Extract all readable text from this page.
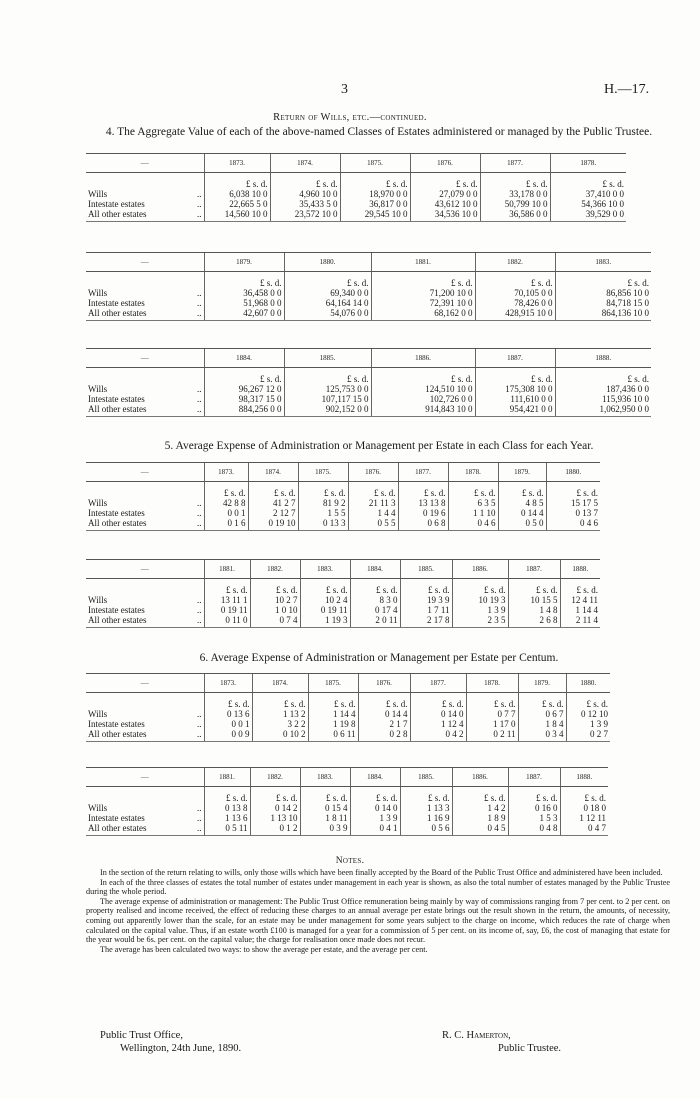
3	H.—17.
Return of Wills, etc.—continued.
4. The Aggregate Value of each of the above-named Classes of Estates administered or managed by the Public Trustee.
—	1873.	1874.	1875.	1876.	1877.	1878.
	£ s. d.	£ s. d.	£ s. d.	£ s. d.	£ s. d.	£ s. d.
Wills ..	6,038 10 0	4,960 10 0	18,970 0 0	27,079 0 0	33,178 0 0	37,410 0 0
Intestate estates ..	22,665 5 0	35,433 5 0	36,817 0 0	43,612 10 0	50,799 10 0	54,366 10 0
All other estates ..	14,560 10 0	23,572 10 0	29,545 10 0	34,536 10 0	36,586 0 0	39,529 0 0
—	1879.	1880.	1881.	1882.	1883.
	£ s. d.	£ s. d.	£ s. d.	£ s. d.	£ s. d.
Wills ..	36,458 0 0	69,340 0 0	71,200 10 0	70,105 0 0	86,856 10 0
Intestate estates ..	51,968 0 0	64,164 14 0	72,391 10 0	78,426 0 0	84,718 15 0
All other estates ..	42,607 0 0	54,076 0 0	68,162 0 0	428,915 10 0	864,136 10 0
—	1884.	1885.	1886.	1887.	1888.
	£ s. d.	£ s. d.	£ s. d.	£ s. d.	£ s. d.
Wills ..	96,267 12 0	125,753 0 0	124,510 10 0	175,308 10 0	187,436 0 0
Intestate estates ..	98,317 15 0	107,117 15 0	102,726 0 0	111,610 0 0	115,936 10 0
All other estates ..	884,256 0 0	902,152 0 0	914,843 10 0	954,421 0 0	1,062,950 0 0
5. Average Expense of Administration or Management per Estate in each Class for each Year.
—	1873.	1874.	1875.	1876.	1877.	1878.	1879.	1880.
	£ s. d.	£ s. d.	£ s. d.	£ s. d.	£ s. d.	£ s. d.	£ s. d.	£ s. d.
Wills ..	42 8 8	41 2 7	81 9 2	21 11 3	13 13 8	6 3 5	4 8 5	15 17 5
Intestate estates ..	0 0 1	2 12 7	1 5 5	1 4 4	0 19 6	1 1 10	0 14 4	0 13 7
All other estates ..	0 1 6	0 19 10	0 13 3	0 5 5	0 6 8	0 4 6	0 5 0	0 4 6
—	1881.	1882.	1883.	1884.	1885.	1886.	1887.	1888.
	£ s. d.	£ s. d.	£ s. d.	£ s. d.	£ s. d.	£ s. d.	£ s. d.	£ s. d.
Wills ..	13 11 1	10 2 7	10 2 4	8 3 0	19 3 9	10 19 3	10 15 5	12 4 11
Intestate estates ..	0 19 11	1 0 10	0 19 11	0 17 4	1 7 11	1 3 9	1 4 8	1 14 4
All other estates ..	0 11 0	0 7 4	1 19 3	2 0 11	2 17 8	2 3 5	2 6 8	2 11 4
6. Average Expense of Administration or Management per Estate per Centum.
—	1873.	1874.	1875.	1876.	1877.	1878.	1879.	1880.
	£ s. d.	£ s. d.	£ s. d.	£ s. d.	£ s. d.	£ s. d.	£ s. d.	£ s. d.
Wills ..	0 13 6	1 13 2	1 14 4	0 14 4	0 14 0	0 7 7	0 6 7	0 12 10
Intestate estates ..	0 0 1	3 2 2	1 19 8	2 1 7	1 12 4	1 17 0	1 8 4	1 3 9
All other estates ..	0 0 9	0 10 2	0 6 11	0 2 8	0 4 2	0 2 11	0 3 4	0 2 7
—	1881.	1882.	1883.	1884.	1885.	1886.	1887.	1888.
	£ s. d.	£ s. d.	£ s. d.	£ s. d.	£ s. d.	£ s. d.	£ s. d.	£ s. d.
Wills ..	0 13 8	0 14 2	0 15 4	0 14 0	1 13 3	1 4 2	0 16 0	0 18 0
Intestate estates ..	1 13 6	1 13 10	1 8 11	1 3 9	1 16 9	1 8 9	1 5 3	1 12 11
All other estates ..	0 5 11	0 1 2	0 3 9	0 4 1	0 5 6	0 4 5	0 4 8	0 4 7
Notes.

In the section of the return relating to wills, only those wills which have been finally accepted by the Board of the Public Trust Office and administered have been included.

In each of the three classes of estates the total number of estates under management in each year is shown, as also the total number of estates managed by the Public Trustee during the whole period.

The average expense of administration or management: The Public Trust Office remuneration being mainly by way of commissions ranging from 7 per cent. to 2 per cent. on property realised and income received, the effect of reducing these charges to an annual average per estate brings out the result shown in the return, the amounts, of necessity, coming out apparently lower than the scale, for an estate may be under management for some years subject to the charge on income, which reduces the rate of charge when calculated on the capital value. Thus, if an estate worth £100 is managed for a year for a commission of 5 per cent. on its income of, say, £6, the cost of managing that estate for the year would be 6s. per cent. on the capital value; the charge for realisation once made does not recur.

The average has been calculated two ways: to show the average per estate, and the average per cent.

Public Trust Office,
Wellington, 24th June, 1890.
R. C. Hamerton,
Public Trustee.
